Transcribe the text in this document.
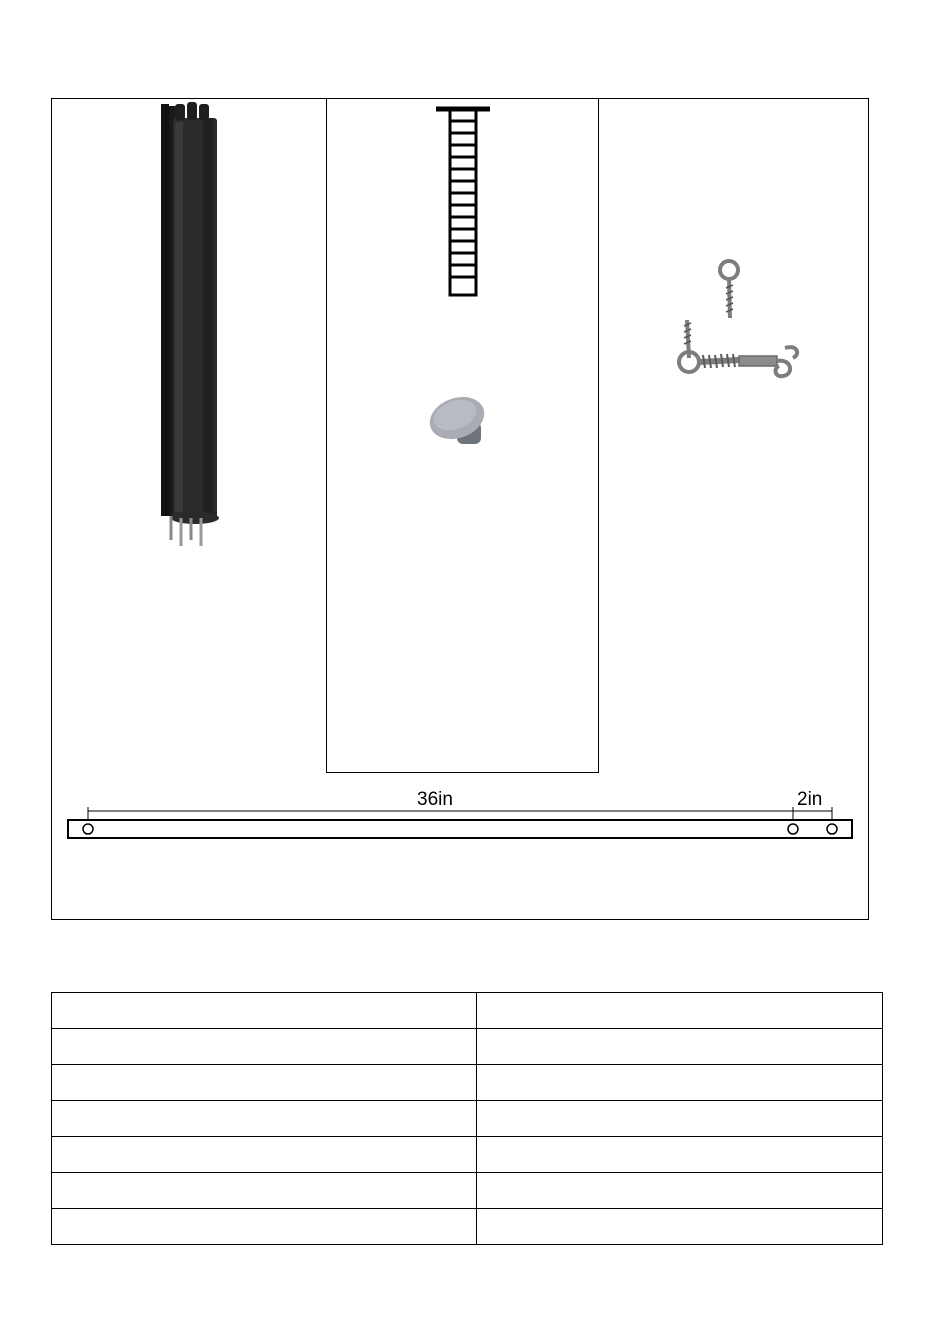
36in	2in
